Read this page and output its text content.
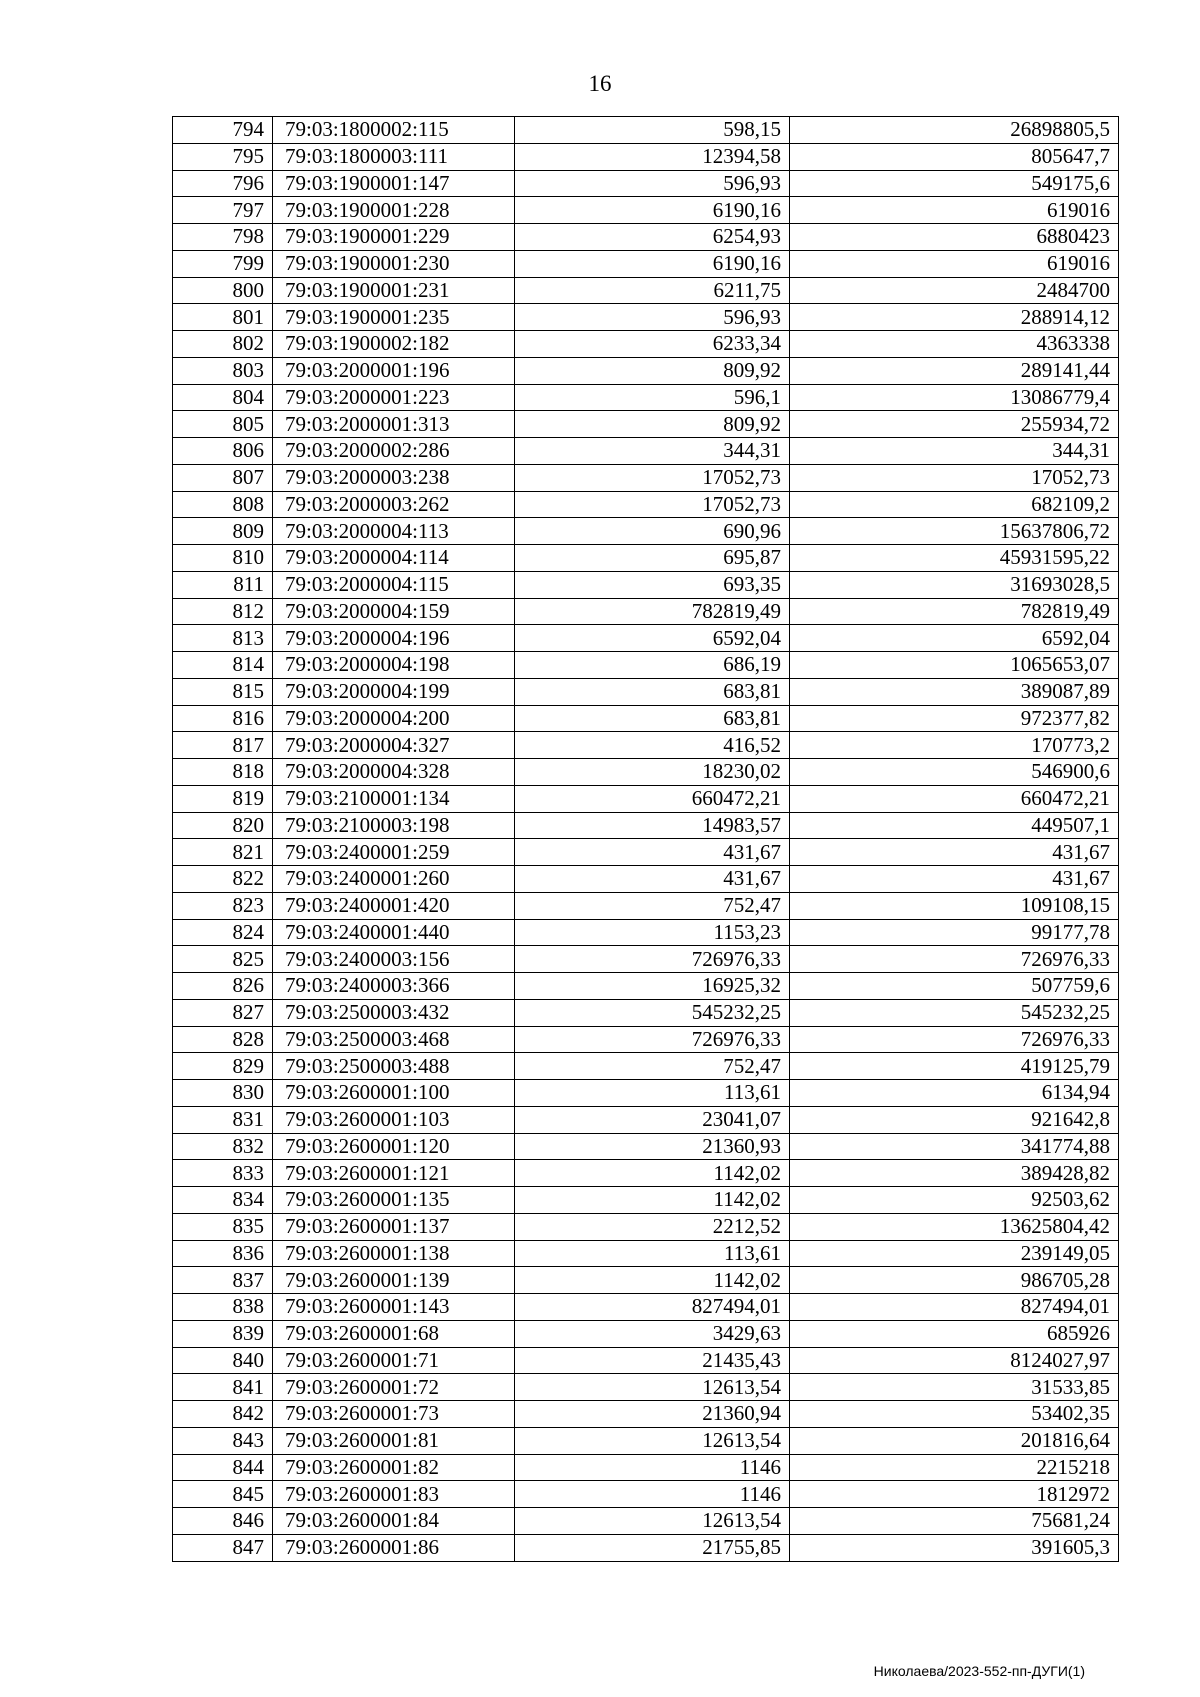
16
794	79:03:1800002:115	598,15	26898805,5
795	79:03:1800003:111	12394,58	805647,7
796	79:03:1900001:147	596,93	549175,6
797	79:03:1900001:228	6190,16	619016
798	79:03:1900001:229	6254,93	6880423
799	79:03:1900001:230	6190,16	619016
800	79:03:1900001:231	6211,75	2484700
801	79:03:1900001:235	596,93	288914,12
802	79:03:1900002:182	6233,34	4363338
803	79:03:2000001:196	809,92	289141,44
804	79:03:2000001:223	596,1	13086779,4
805	79:03:2000001:313	809,92	255934,72
806	79:03:2000002:286	344,31	344,31
807	79:03:2000003:238	17052,73	17052,73
808	79:03:2000003:262	17052,73	682109,2
809	79:03:2000004:113	690,96	15637806,72
810	79:03:2000004:114	695,87	45931595,22
811	79:03:2000004:115	693,35	31693028,5
812	79:03:2000004:159	782819,49	782819,49
813	79:03:2000004:196	6592,04	6592,04
814	79:03:2000004:198	686,19	1065653,07
815	79:03:2000004:199	683,81	389087,89
816	79:03:2000004:200	683,81	972377,82
817	79:03:2000004:327	416,52	170773,2
818	79:03:2000004:328	18230,02	546900,6
819	79:03:2100001:134	660472,21	660472,21
820	79:03:2100003:198	14983,57	449507,1
821	79:03:2400001:259	431,67	431,67
822	79:03:2400001:260	431,67	431,67
823	79:03:2400001:420	752,47	109108,15
824	79:03:2400001:440	1153,23	99177,78
825	79:03:2400003:156	726976,33	726976,33
826	79:03:2400003:366	16925,32	507759,6
827	79:03:2500003:432	545232,25	545232,25
828	79:03:2500003:468	726976,33	726976,33
829	79:03:2500003:488	752,47	419125,79
830	79:03:2600001:100	113,61	6134,94
831	79:03:2600001:103	23041,07	921642,8
832	79:03:2600001:120	21360,93	341774,88
833	79:03:2600001:121	1142,02	389428,82
834	79:03:2600001:135	1142,02	92503,62
835	79:03:2600001:137	2212,52	13625804,42
836	79:03:2600001:138	113,61	239149,05
837	79:03:2600001:139	1142,02	986705,28
838	79:03:2600001:143	827494,01	827494,01
839	79:03:2600001:68	3429,63	685926
840	79:03:2600001:71	21435,43	8124027,97
841	79:03:2600001:72	12613,54	31533,85
842	79:03:2600001:73	21360,94	53402,35
843	79:03:2600001:81	12613,54	201816,64
844	79:03:2600001:82	1146	2215218
845	79:03:2600001:83	1146	1812972
846	79:03:2600001:84	12613,54	75681,24
847	79:03:2600001:86	21755,85	391605,3
Николаева/2023-552-пп-ДУГИ(1)
